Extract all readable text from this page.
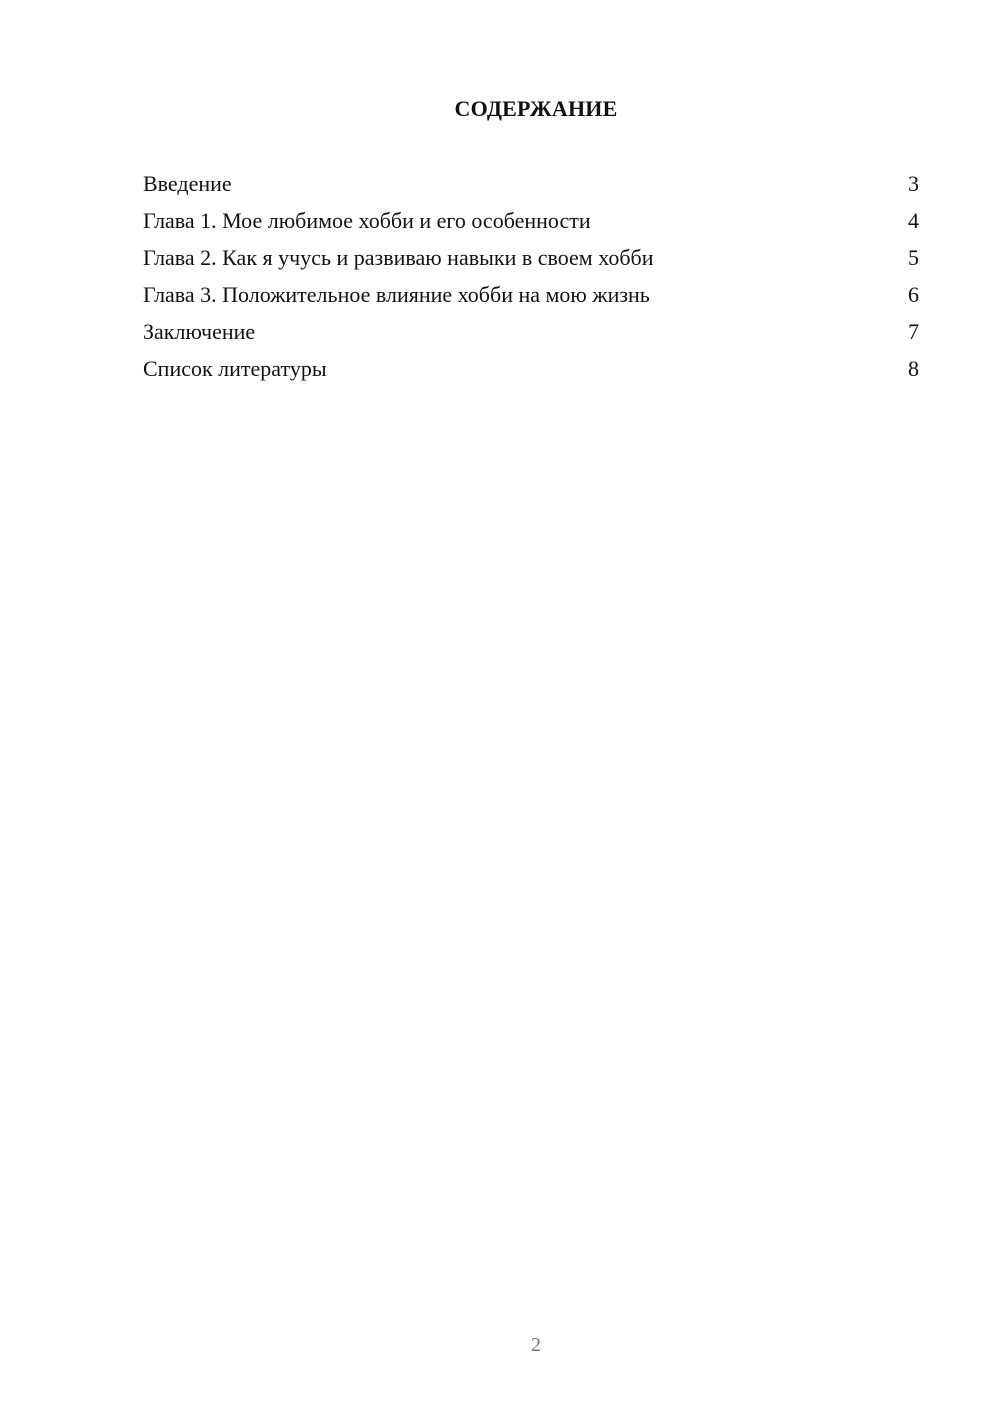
СОДЕРЖАНИЕ
Введение	3
Глава 1. Мое любимое хобби и его особенности	4
Глава 2. Как я учусь и развиваю навыки в своем хобби	5
Глава 3. Положительное влияние хобби на мою жизнь	6
Заключение	7
Список литературы	8
2
